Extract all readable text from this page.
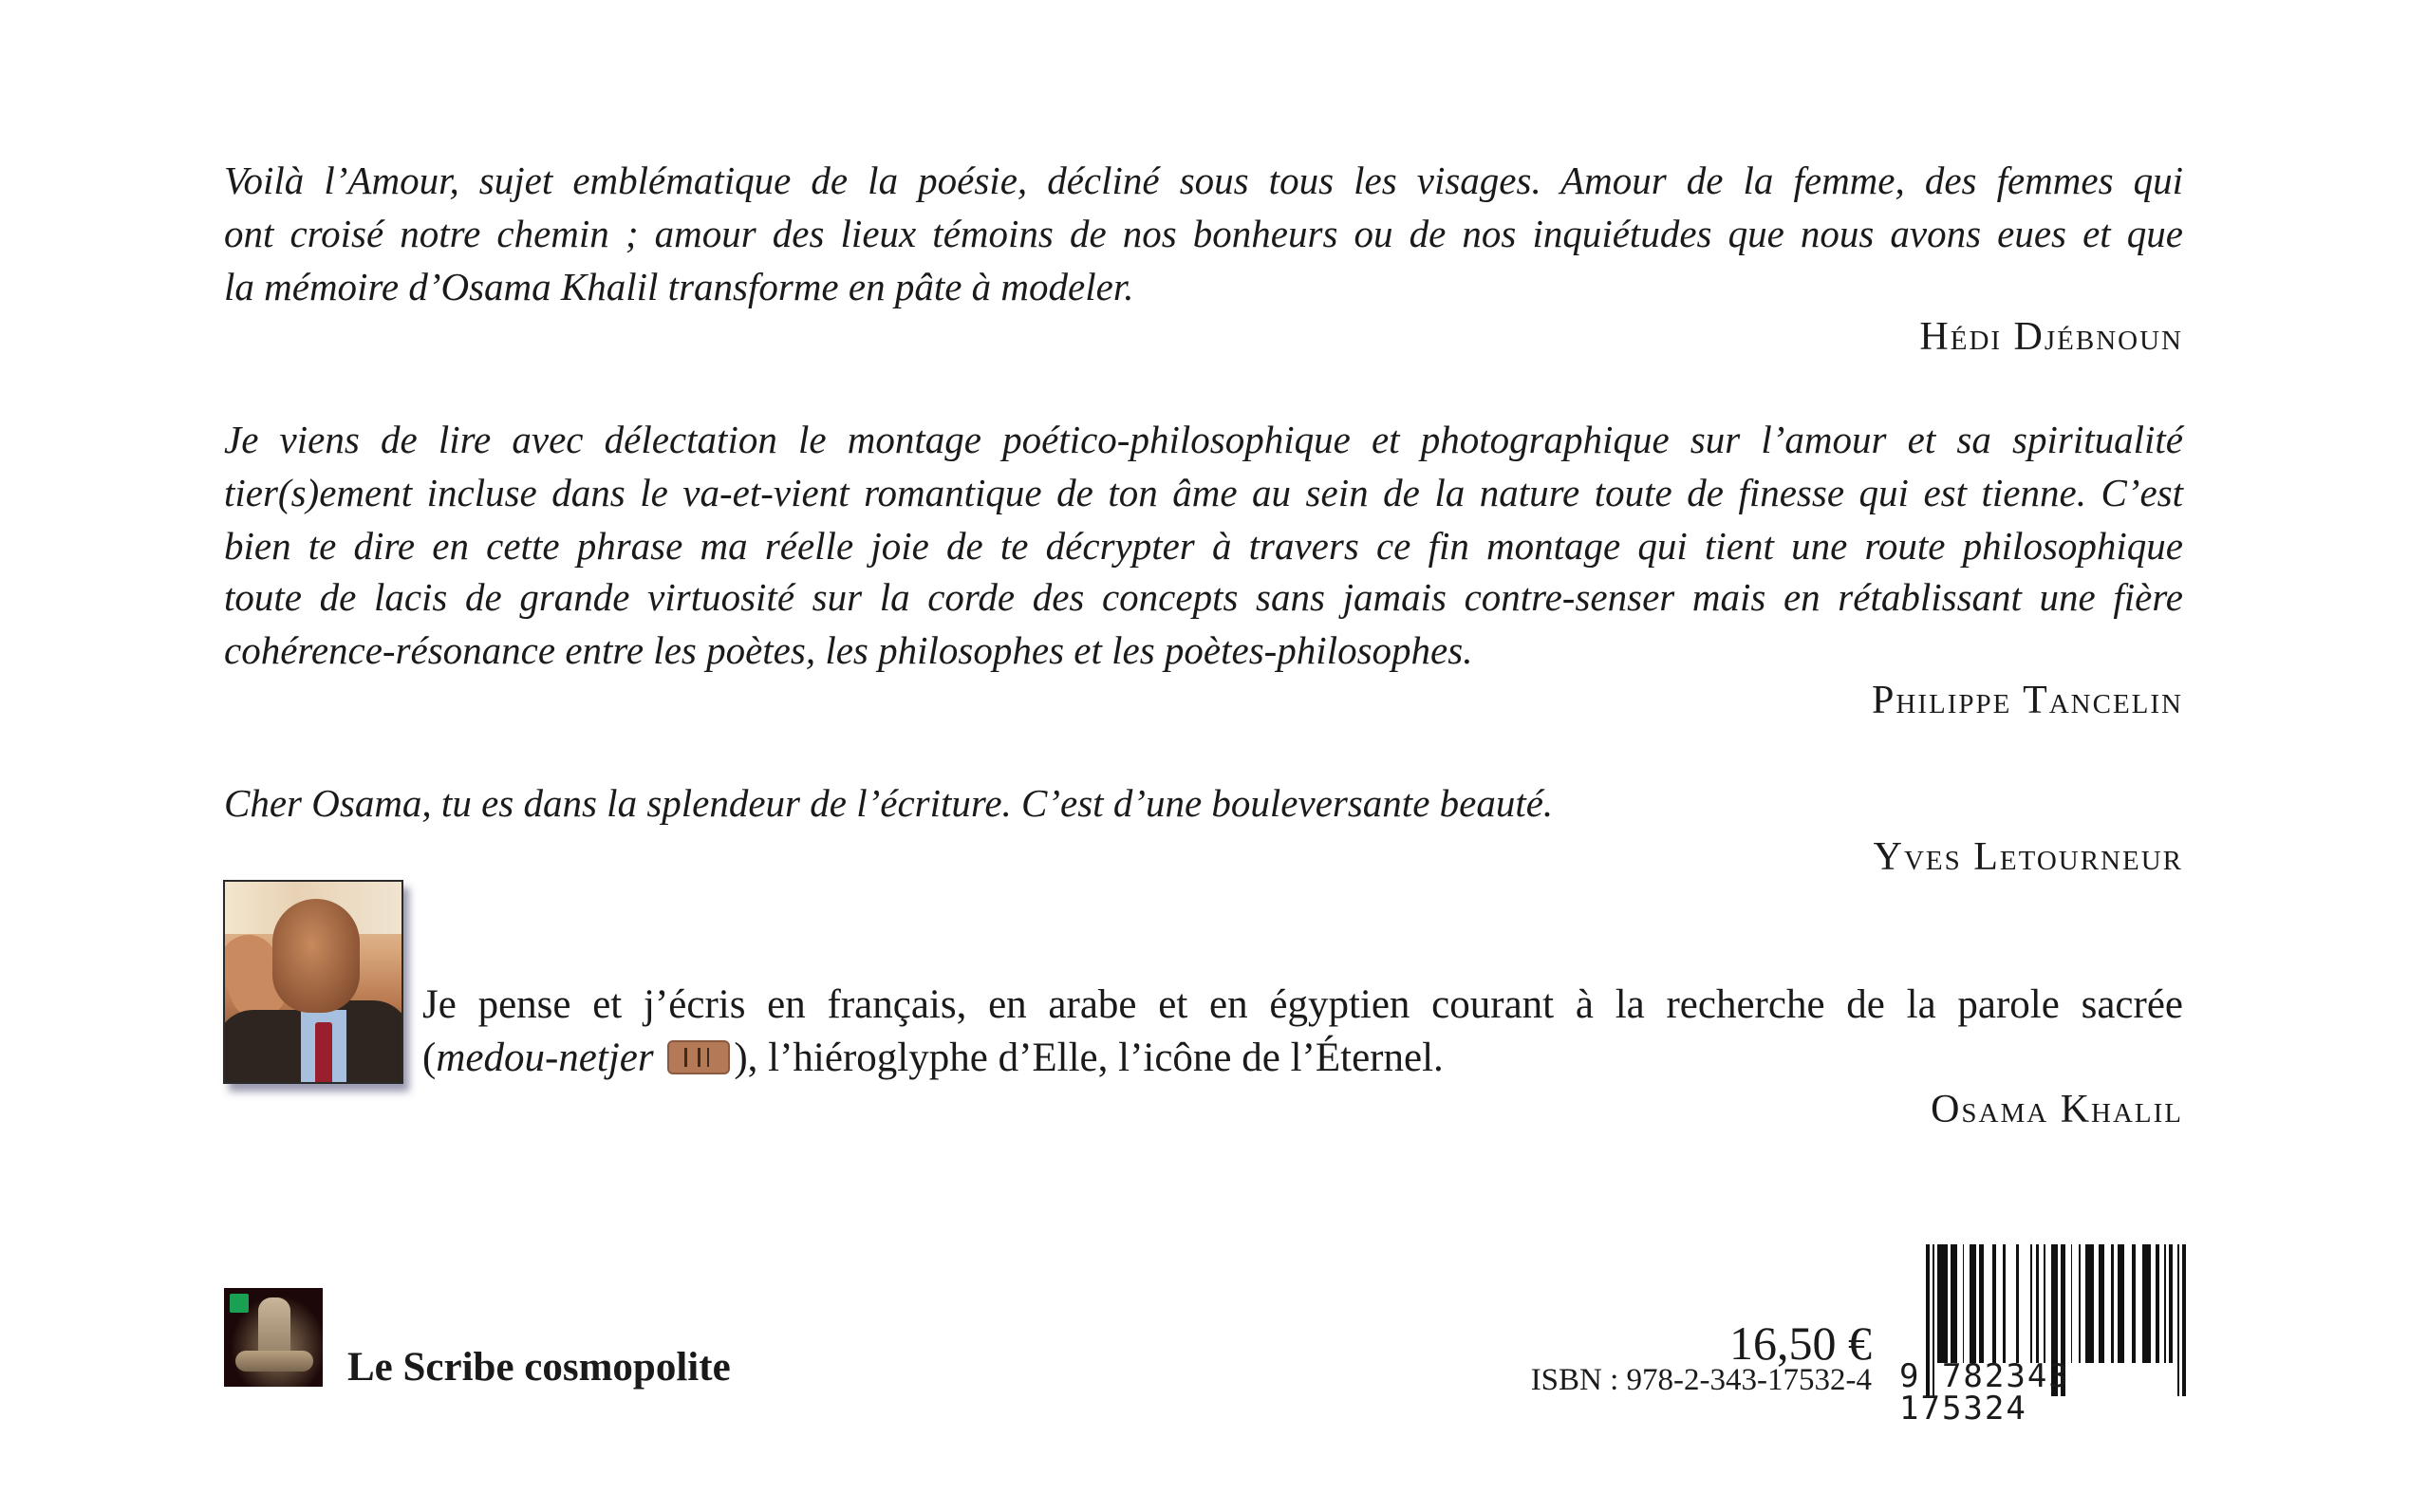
Voilà l’Amour, sujet emblématique de la poésie, décliné sous tous les visages. Amour de la femme, des femmes qui
ont croisé notre chemin ; amour des lieux témoins de nos bonheurs ou de nos inquiétudes que nous avons eues et que
la mémoire d’Osama Khalil transforme en pâte à modeler.
Hédi Djébnoun
Je viens de lire avec délectation le montage poético-philosophique et photographique sur l’amour et sa spiritualité
tier(s)ement incluse dans le va-et-vient romantique de ton âme au sein de la nature toute de finesse qui est tienne. C’est
bien te dire en cette phrase ma réelle joie de te décrypter à travers ce fin montage qui tient une route philosophique
toute de lacis de grande virtuosité sur la corde des concepts sans jamais contre-senser mais en rétablissant une fière
cohérence-résonance entre les poètes, les philosophes et les poètes-philosophes.
Philippe Tancelin
Cher Osama, tu es dans la splendeur de l’écriture. C’est d’une bouleversante beauté.
Yves Letourneur
Je pense et j’écris en français, en arabe et en égyptien courant à la recherche de la parole sacrée
(medou-netjer ), l’hiéroglyphe d’Elle, l’icône de l’Éternel.
Osama Khalil
Le Scribe cosmopolite	16,50 €
ISBN : 978-2-343-17532-4 9 782343 175324
